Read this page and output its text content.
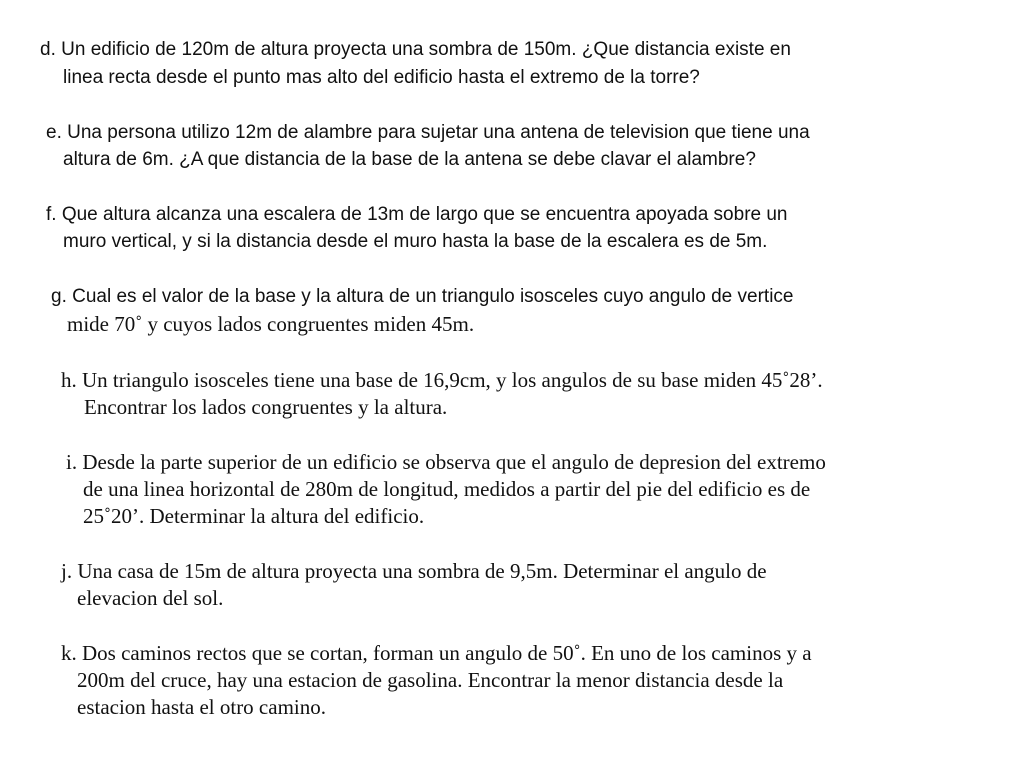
d. Un edificio de 120m de altura proyecta una sombra de 150m. ¿Que distancia existe en

linea recta desde el punto mas alto del edificio hasta el extremo de la torre?

e. Una persona utilizo 12m de alambre para sujetar una antena de television que tiene una

altura de 6m. ¿A que distancia de la base de la antena se debe clavar el alambre?

f. Que altura alcanza una escalera de 13m de largo que se encuentra apoyada sobre un

muro vertical, y si la distancia desde el muro hasta la base de la escalera es de 5m.

g. Cual es el valor de la base y la altura de un triangulo isosceles cuyo angulo de vertice

mide 70˚ y cuyos lados congruentes miden 45m.

h. Un triangulo isosceles tiene una base de 16,9cm, y los angulos de su base miden 45˚28’.

Encontrar los lados congruentes y la altura.

i. Desde la parte superior de un edificio se observa que el angulo de depresion del extremo

de una linea horizontal de 280m de longitud, medidos a partir del pie del edificio es de

25˚20’. Determinar la altura del edificio.

j. Una casa de 15m de altura proyecta una sombra de 9,5m. Determinar el angulo de

elevacion del sol.

k. Dos caminos rectos que se cortan, forman un angulo de 50˚. En uno de los caminos y a

200m del cruce, hay una estacion de gasolina. Encontrar la menor distancia desde la

estacion hasta el otro camino.
